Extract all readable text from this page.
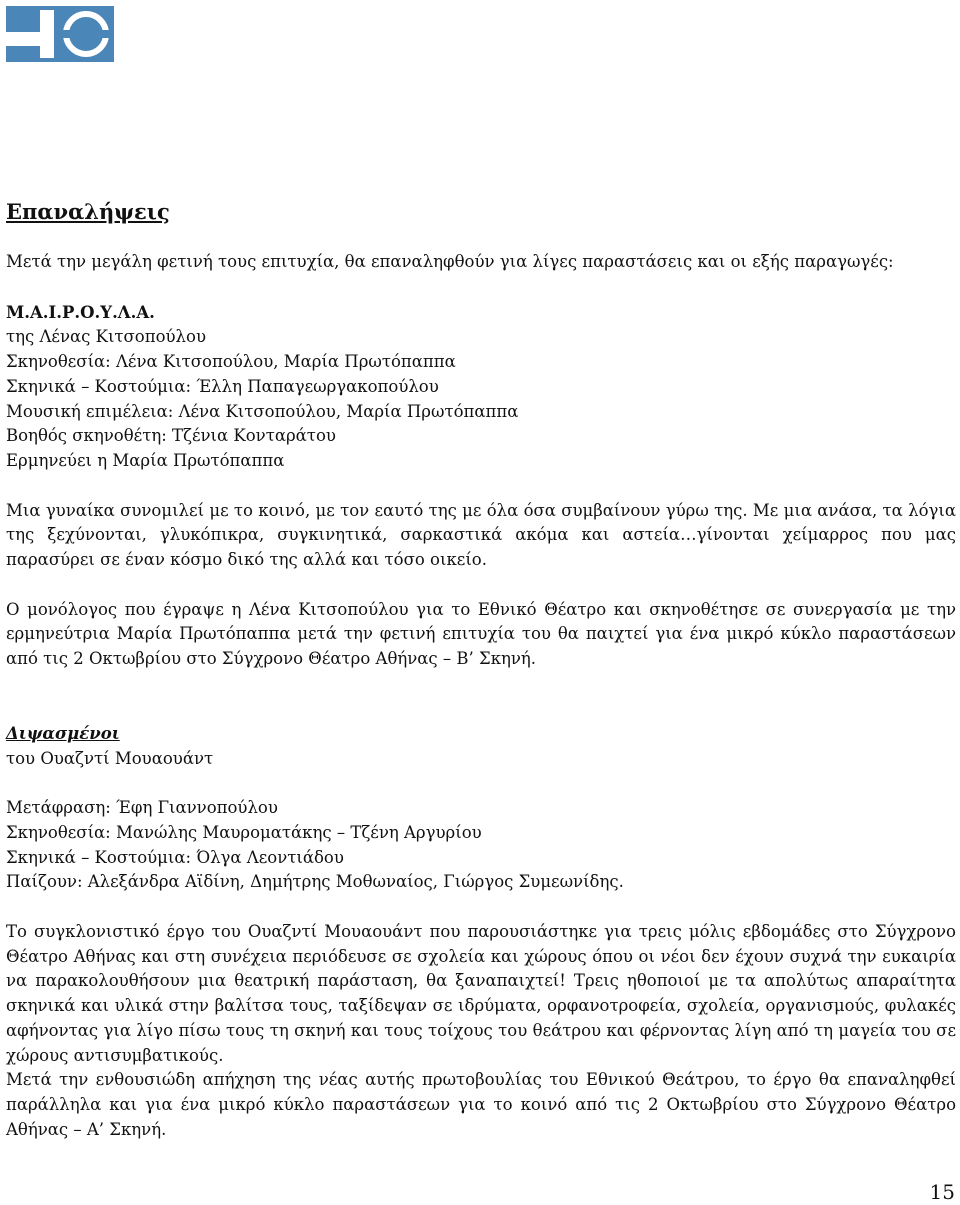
Επαναλήψεις

Μετά την μεγάλη φετινή τους επιτυχία, θα επαναληφθούν για λίγες παραστάσεις και οι εξής παραγωγές:

Μ.Α.Ι.Ρ.Ο.Υ.Λ.Α.
της Λένας Κιτσοπούλου
Σκηνοθεσία: Λένα Κιτσοπούλου, Μαρία Πρωτόπαππα
Σκηνικά – Κοστούμια: Έλλη Παπαγεωργακοπούλου
Μουσική επιμέλεια: Λένα Κιτσοπούλου, Μαρία Πρωτόπαππα
Βοηθός σκηνοθέτη: Τζένια Κονταράτου
Ερμηνεύει η Μαρία Πρωτόπαππα

Μια γυναίκα συνομιλεί με το κοινό, με τον εαυτό της με όλα όσα συμβαίνουν γύρω της. Με μια ανάσα, τα λόγια της ξεχύνονται, γλυκόπικρα, συγκινητικά, σαρκαστικά ακόμα και αστεία…γίνονται χείμαρρος που μας παρασύρει σε έναν κόσμο δικό της αλλά και τόσο οικείο.

Ο μονόλογος που έγραψε η Λένα Κιτσοπούλου για το Εθνικό Θέατρο και σκηνοθέτησε σε συνεργασία με την ερμηνεύτρια Μαρία Πρωτόπαππα μετά την φετινή επιτυχία του θα παιχτεί για ένα μικρό κύκλο παραστάσεων από τις 2 Οκτωβρίου στο Σύγχρονο Θέατρο Αθήνας – Β’ Σκηνή.

Διψασμένοι
του Ουαζντί Μουαουάντ
Μετάφραση: Έφη Γιαννοπούλου
Σκηνοθεσία: Μανώλης Μαυροματάκης – Τζένη Αργυρίου
Σκηνικά – Κοστούμια: Όλγα Λεοντιάδου
Παίζουν: Αλεξάνδρα Αϊδίνη, Δημήτρης Μοθωναίος, Γιώργος Συμεωνίδης.

Το συγκλονιστικό έργο του Ουαζντί Μουαουάντ που παρουσιάστηκε για τρεις μόλις εβδομάδες στο Σύγχρονο Θέατρο Αθήνας και στη συνέχεια περιόδευσε σε σχολεία και χώρους όπου οι νέοι δεν έχουν συχνά την ευκαιρία να παρακολουθήσουν μια θεατρική παράσταση, θα ξαναπαιχτεί! Τρεις ηθοποιοί με τα απολύτως απαραίτητα σκηνικά και υλικά στην βαλίτσα τους, ταξίδεψαν σε ιδρύματα, ορφανοτροφεία, σχολεία, οργανισμούς, φυλακές αφήνοντας για λίγο πίσω τους τη σκηνή και τους τοίχους του θεάτρου και φέρνοντας λίγη από τη μαγεία του σε χώρους αντισυμβατικούς.

Μετά την ενθουσιώδη απήχηση της νέας αυτής πρωτοβουλίας του Εθνικού Θεάτρου, το έργο θα επαναληφθεί παράλληλα και για ένα μικρό κύκλο παραστάσεων για το κοινό από τις 2 Οκτωβρίου στο Σύγχρονο Θέατρο Αθήνας – Α’ Σκηνή.

15
